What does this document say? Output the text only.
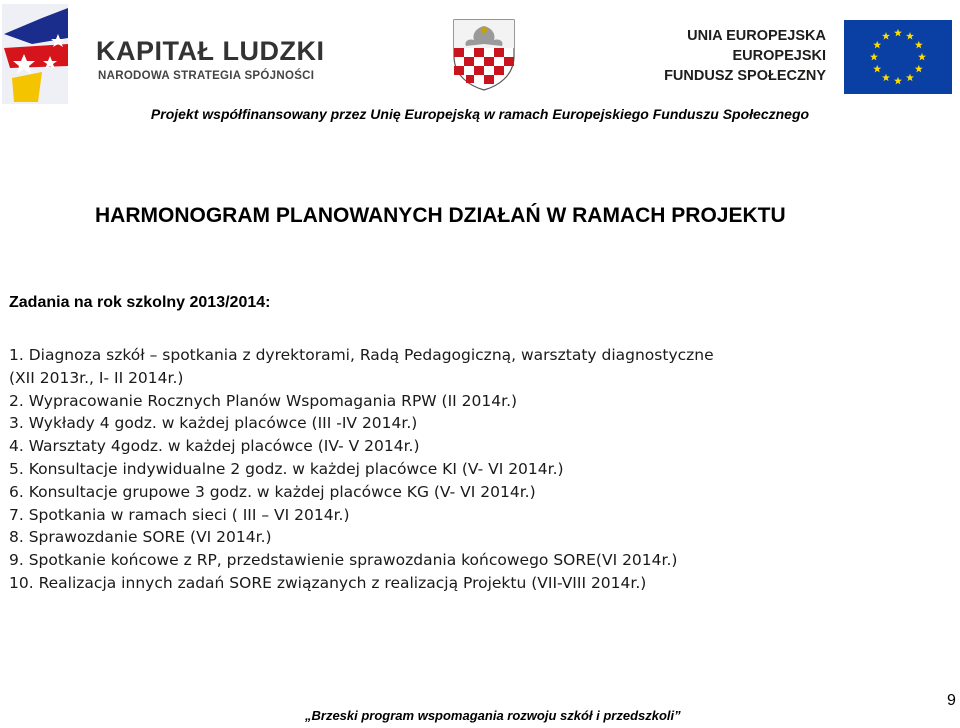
KAPITAŁ LUDZKI
NARODOWA STRATEGIA SPÓJNOŚCI
UNIA EUROPEJSKA
EUROPEJSKI
FUNDUSZ SPOŁECZNY
Projekt współfinansowany przez Unię Europejską w ramach Europejskiego Funduszu Społecznego
HARMONOGRAM PLANOWANYCH DZIAŁAŃ W RAMACH PROJEKTU
Zadania na rok szkolny 2013/2014:
1. Diagnoza szkół – spotkania z dyrektorami, Radą Pedagogiczną, warsztaty diagnostyczne
(XII 2013r., I- II 2014r.)
2. Wypracowanie Rocznych Planów Wspomagania RPW (II 2014r.)
3. Wykłady 4 godz. w każdej placówce (III -IV 2014r.)
4. Warsztaty 4godz. w każdej placówce (IV- V 2014r.)
5. Konsultacje indywidualne 2 godz. w każdej placówce KI (V- VI 2014r.)
6. Konsultacje grupowe 3 godz. w każdej placówce KG (V- VI 2014r.)
7. Spotkania w ramach sieci ( III – VI 2014r.)
8. Sprawozdanie SORE (VI 2014r.)
9. Spotkanie końcowe z RP, przedstawienie sprawozdania końcowego SORE(VI 2014r.)
10. Realizacja innych zadań SORE związanych z realizacją Projektu (VII-VIII 2014r.)
„Brzeski program wspomagania rozwoju szkół i przedszkoli”
9
